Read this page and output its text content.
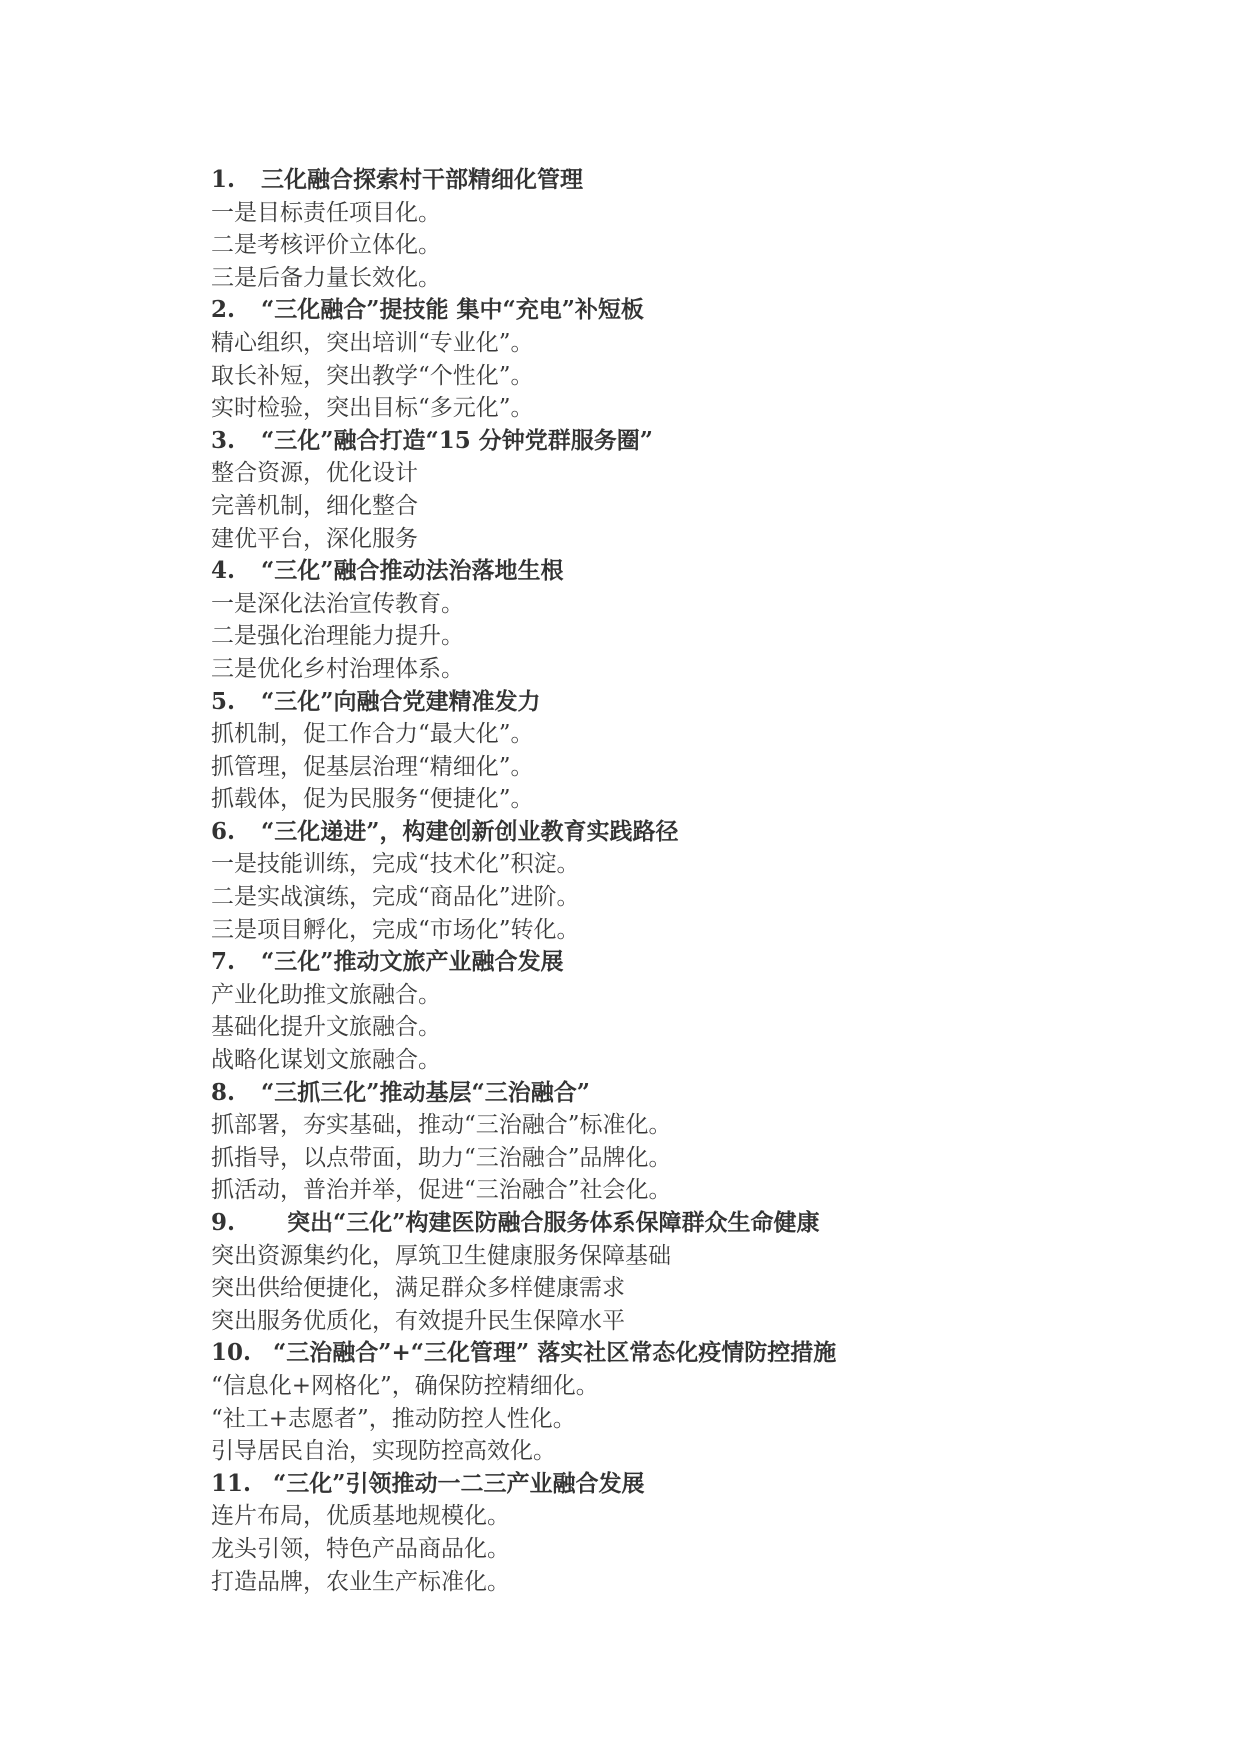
1. 三化融合探索村干部精细化管理
一是目标责任项目化。
二是考核评价立体化。
三是后备力量长效化。
2. “三化融合”提技能 集中“充电”补短板
精心组织，突出培训“专业化”。
取长补短，突出教学“个性化”。
实时检验，突出目标“多元化”。
3. “三化”融合打造“15 分钟党群服务圈”
整合资源，优化设计
完善机制，细化整合
建优平台，深化服务
4. “三化”融合推动法治落地生根
一是深化法治宣传教育。
二是强化治理能力提升。
三是优化乡村治理体系。
5. “三化”向融合党建精准发力
抓机制，促工作合力“最大化”。
抓管理，促基层治理“精细化”。
抓载体，促为民服务“便捷化”。
6. “三化递进”，构建创新创业教育实践路径
一是技能训练，完成“技术化”积淀。
二是实战演练，完成“商品化”进阶。
三是项目孵化，完成“市场化”转化。
7. “三化”推动文旅产业融合发展
产业化助推文旅融合。
基础化提升文旅融合。
战略化谋划文旅融合。
8. “三抓三化”推动基层“三治融合”
抓部署，夯实基础，推动“三治融合”标准化。
抓指导，以点带面，助力“三治融合”品牌化。
抓活动，普治并举，促进“三治融合”社会化。
9. 突出“三化”构建医防融合服务体系保障群众生命健康
突出资源集约化，厚筑卫生健康服务保障基础
突出供给便捷化，满足群众多样健康需求
突出服务优质化，有效提升民生保障水平
10. “三治融合”+“三化管理” 落实社区常态化疫情防控措施
“信息化+网格化”，确保防控精细化。
“社工+志愿者”，推动防控人性化。
引导居民自治，实现防控高效化。
11. “三化”引领推动一二三产业融合发展
连片布局，优质基地规模化。
龙头引领，特色产品商品化。
打造品牌，农业生产标准化。
